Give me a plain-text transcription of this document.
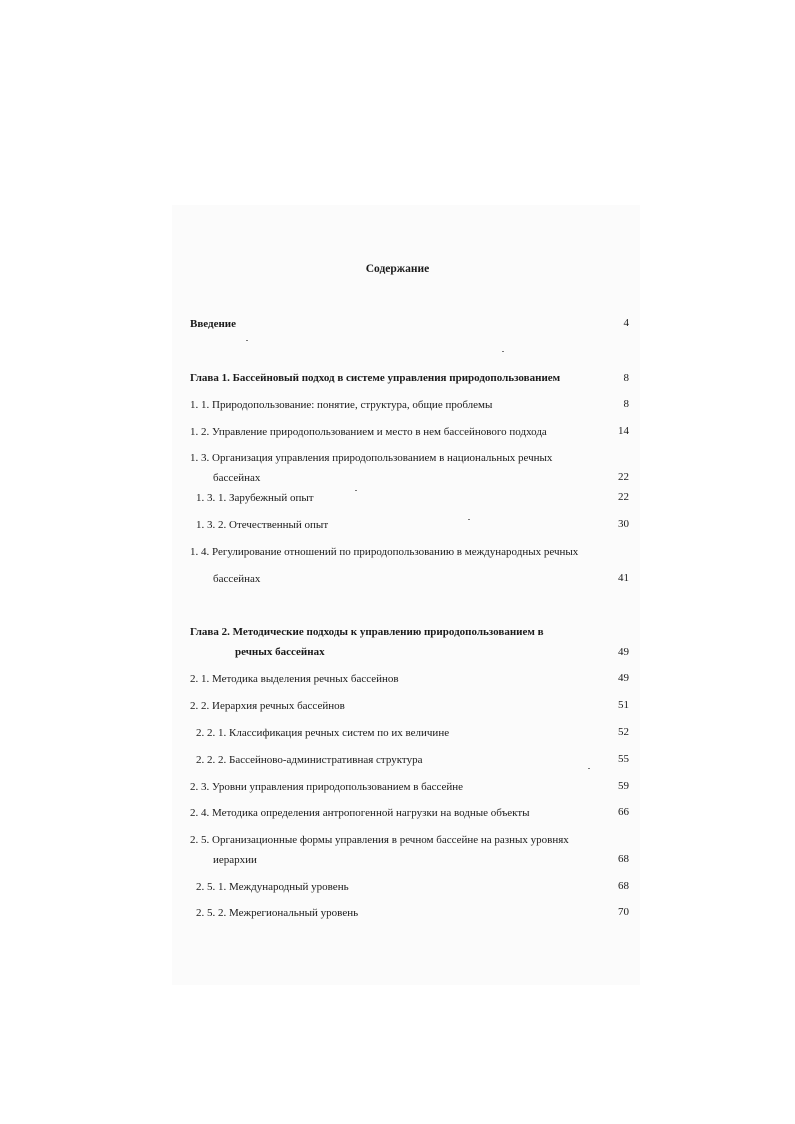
Содержание
Введение	4
Глава 1. Бассейновый подход в системе управления природопользованием	8
1. 1. Природопользование: понятие, структура, общие проблемы	8
1. 2. Управление природопользованием и место в нем бассейнового подхода	14
1. 3. Организация управления природопользованием в национальных речных
бассейнах	22
1. 3. 1. Зарубежный опыт	22
1. 3. 2. Отечественный опыт	30
1. 4. Регулирование отношений по природопользованию в международных речных
бассейнах	41
Глава 2. Методические подходы к управлению природопользованием в
речных бассейнах	49
2. 1. Методика выделения речных бассейнов	49
2. 2. Иерархия речных бассейнов	51
2. 2. 1. Классификация речных систем по их величине	52
2. 2. 2. Бассейново-административная структура	55
2. 3. Уровни управления природопользованием в бассейне	59
2. 4. Методика определения антропогенной нагрузки на водные объекты	66
2. 5. Организационные формы управления в речном бассейне на разных уровнях
иерархии	68
2. 5. 1. Международный уровень	68
2. 5. 2. Межрегиональный уровень	70
